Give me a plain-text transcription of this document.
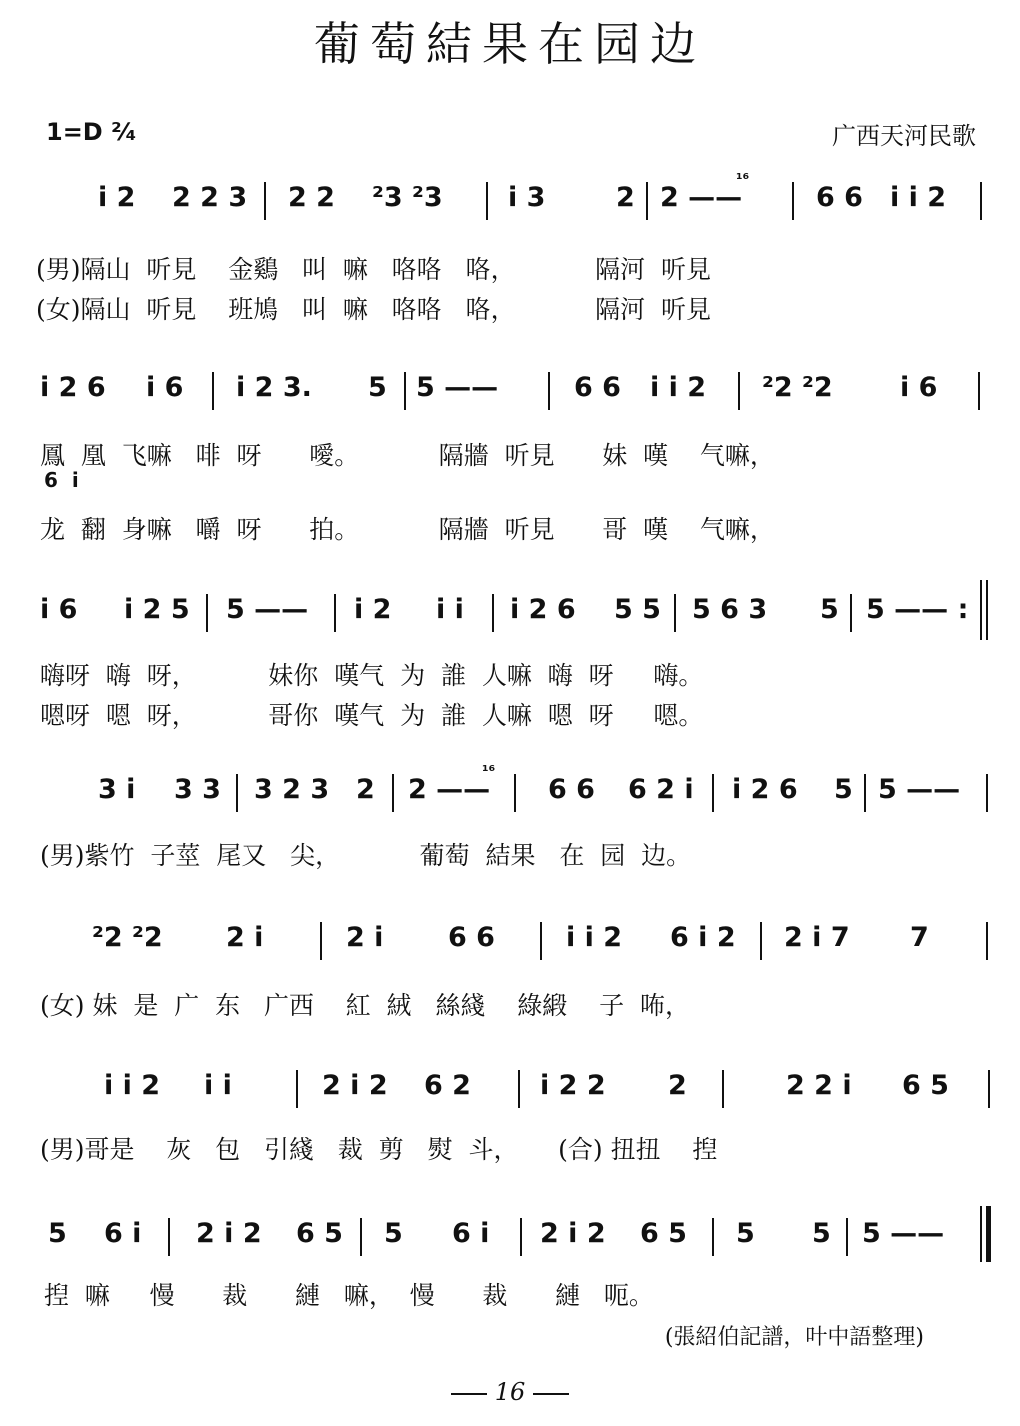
葡萄結果在园边
1=D ²⁄₄	广西天河民歌
i 2 2 2 3 2 2 ²3 ²3 i 3	2 2 ——
¹⁶
6 6 i i 2
(男)隔山  听見    金鷄   叫  嘛   咯咯   咯，          隔河  听見
(女)隔山  听見    班鳩   叫  嘛   咯咯   咯，          隔河  听見
i 2 6 i 6 i 2 3. 5 5 ——	6 6 i i 2 ²2 ²2 i 6
鳳  凰  飞嘛   啡  呀      噯。          隔牆  听見      妹  嘆    气嘛，
6  i
龙  翻  身嘛   嚼  呀      拍。          隔牆  听見      哥  嘆    气嘛，
i 6 i 2 5 5 —— i 2 i i i 2 6 5 5 5 6 3 5 5 —— :
嗨呀  嗨  呀，         妹你  嘆气  为  誰  人嘛  嗨  呀     嗨。
嗯呀  嗯  呀，         哥你  嘆气  为  誰  人嘛  嗯  呀     嗯。
3 i 3 3 3 2 3 2 2 ——
¹⁶
6 6 6 2 i i 2 6 5 5 ——
(男)紫竹  子莖  尾又   尖，          葡萄  結果   在  园  边。
²2 ²2 2 i	2 i 6 6	i i 2 6 i 2 2 i 7 7
(女) 妹  是  广  东   广西    紅  絨   絲綫    綠緞    子  咘，
i i 2 i i	2 i 2 6 2	i 2 2 2	2 2 i 6 5
(男)哥是    灰   包   引綫   裁  剪   熨  斗，     (合) 扭扭    揑
5 6 i 2 i 2 6 5 5 6 i 2 i 2 6 5 5 5 5 ——
揑  嘛     慢      裁      縺   嘛，  慢      裁      縺   呃。
(張紹伯記譜，叶中語整理)
16
